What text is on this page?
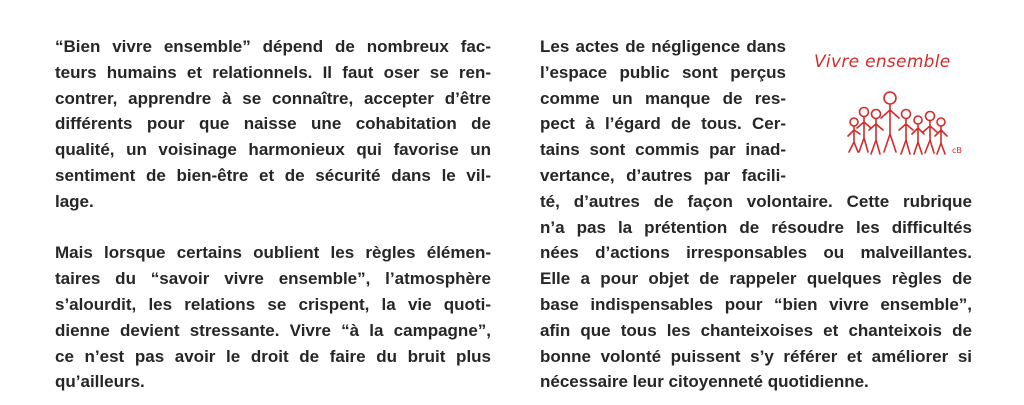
“Bien vivre ensemble” dépend de nombreux fac-
teurs humains et relationnels. Il faut oser se ren-
contrer, apprendre à se connaître, accepter d’être
différents pour que naisse une cohabitation de
qualité, un voisinage harmonieux qui favorise un
sentiment de bien-être et de sécurité dans le vil-
lage.
Mais lorsque certains oublient les règles élémen-
taires du “savoir vivre ensemble”, l’atmosphère
s’alourdit, les relations se crispent, la vie quoti-
dienne devient stressante. Vivre “à la campagne”,
ce n’est pas avoir le droit de faire du bruit plus
qu’ailleurs.
Les actes de négligence dans
l’espace public sont perçus
comme un manque de res-
pect à l’égard de tous. Cer-
tains sont commis par inad-
vertance, d’autres par facili-
té, d’autres de façon volontaire. Cette rubrique
n’a pas la prétention de résoudre les difficultés
nées d’actions irresponsables ou malveillantes.
Elle a pour objet de rappeler quelques règles de
base indispensables pour “bien vivre ensemble”,
afin que tous les chanteixoises et chanteixois de
bonne volonté puissent s’y référer et améliorer si
nécessaire leur citoyenneté quotidienne.
Vivre ensemble
cB
